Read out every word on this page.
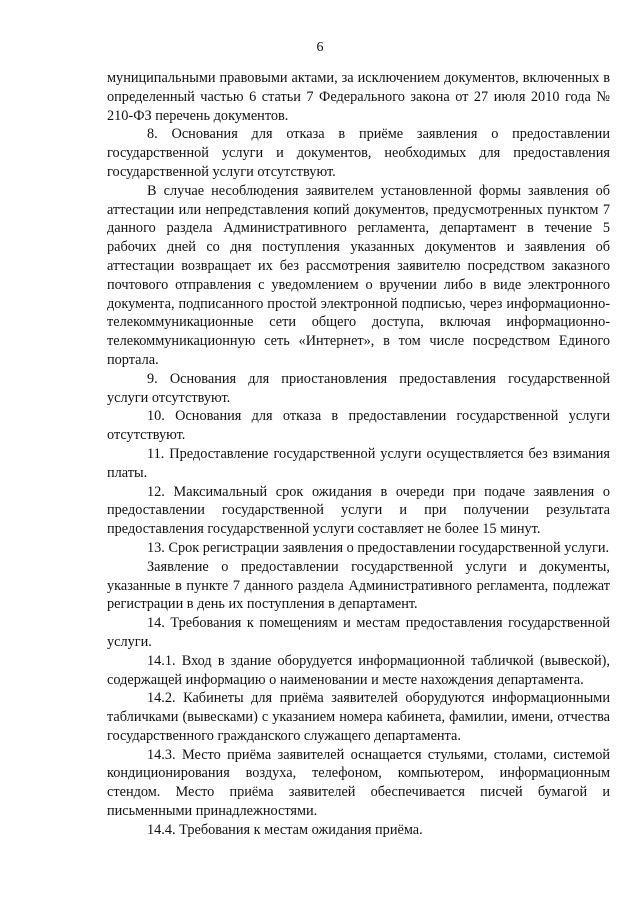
6

муниципальными правовыми актами, за исключением документов, включенных в определенный частью 6 статьи 7 Федерального закона от 27 июля 2010 года № 210-ФЗ перечень документов.

8. Основания для отказа в приёме заявления о предоставлении государственной услуги и документов, необходимых для предоставления государственной услуги отсутствуют.

В случае несоблюдения заявителем установленной формы заявления об аттестации или непредставления копий документов, предусмотренных пунктом 7 данного раздела Административного регламента, департамент в течение 5 рабочих дней со дня поступления указанных документов и заявления об аттестации возвращает их без рассмотрения заявителю посредством заказного почтового отправления с уведомлением о вручении либо в виде электронного документа, подписанного простой электронной подписью, через информационно-телекоммуникационные сети общего доступа, включая информационно-телекоммуникационную сеть «Интернет», в том числе посредством Единого портала.

9. Основания для приостановления предоставления государственной услуги отсутствуют.

10. Основания для отказа в предоставлении государственной услуги отсутствуют.

11. Предоставление государственной услуги осуществляется без взимания платы.

12. Максимальный срок ожидания в очереди при подаче заявления о предоставлении государственной услуги и при получении результата предоставления государственной услуги составляет не более 15 минут.

13. Срок регистрации заявления о предоставлении государственной услуги.

Заявление о предоставлении государственной услуги и документы, указанные в пункте 7 данного раздела Административного регламента, подлежат регистрации в день их поступления в департамент.

14. Требования к помещениям и местам предоставления государственной услуги.

14.1. Вход в здание оборудуется информационной табличкой (вывеской), содержащей информацию о наименовании и месте нахождения департамента.

14.2. Кабинеты для приёма заявителей оборудуются информационными табличками (вывесками) с указанием номера кабинета, фамилии, имени, отчества государственного гражданского служащего департамента.

14.3. Место приёма заявителей оснащается стульями, столами, системой кондиционирования воздуха, телефоном, компьютером, информационным стендом. Место приёма заявителей обеспечивается писчей бумагой и письменными принадлежностями.

14.4. Требования к местам ожидания приёма.
